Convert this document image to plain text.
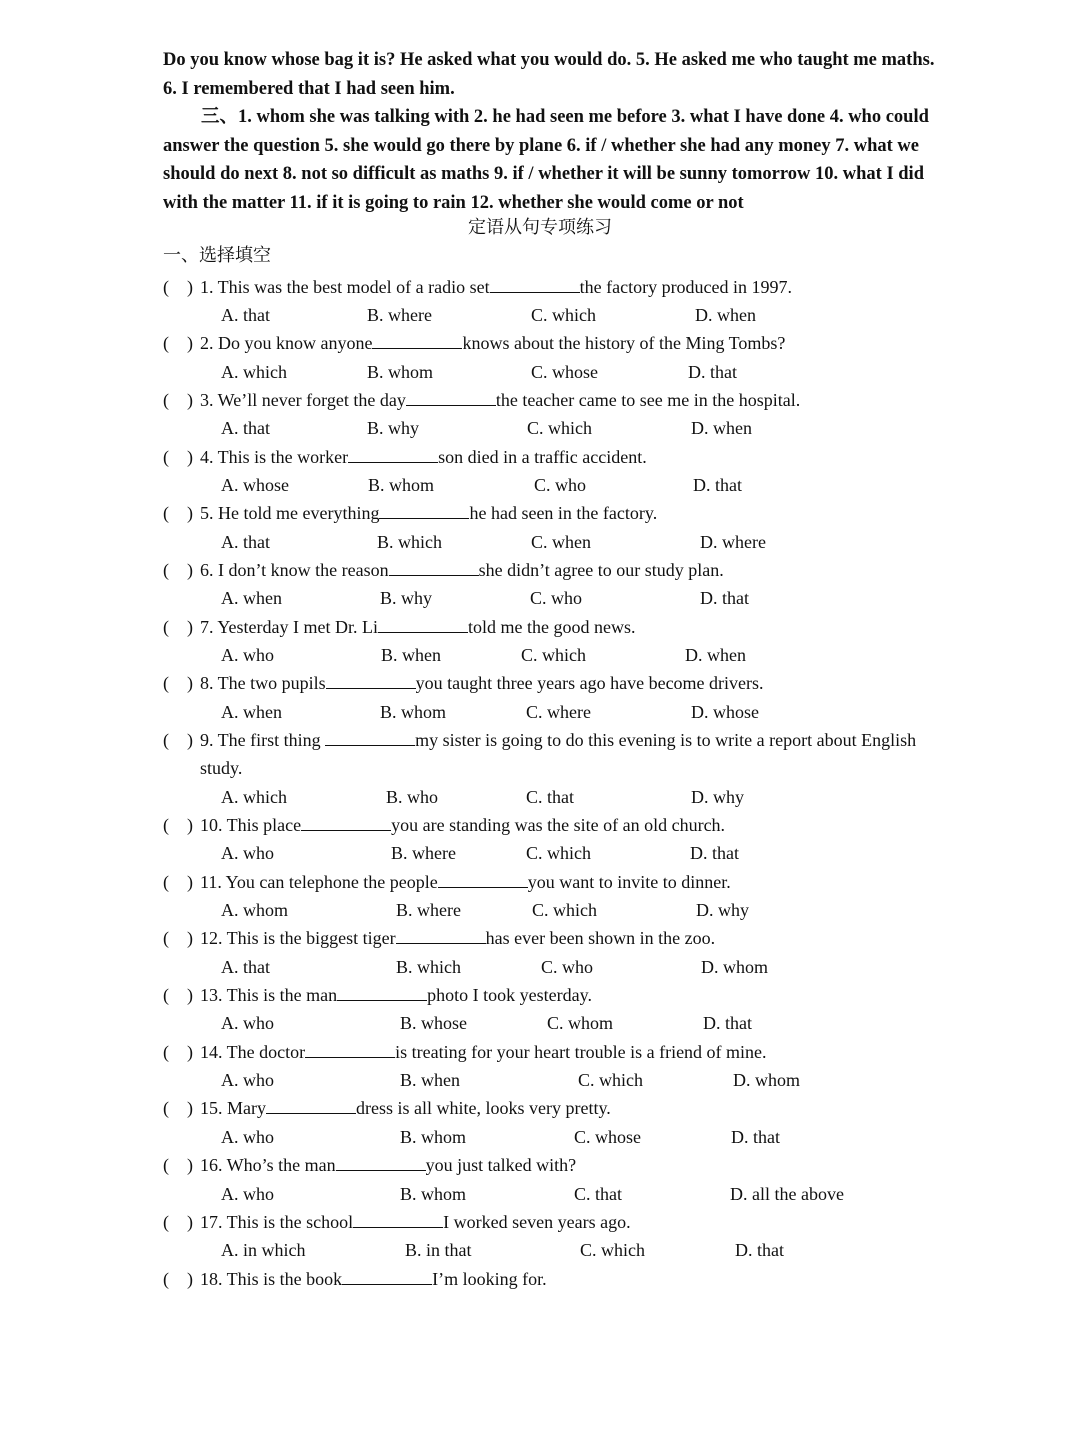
Do you know whose bag it is? He asked what you would do. 5. He asked me who taught me maths. 6. I remembered that I had seen him.

三、1. whom she was talking with 2. he had seen me before 3. what I have done 4. who could answer the question 5. she would go there by plane 6. if / whether she had any money 7. what we should do next 8. not so difficult as maths 9. if / whether it will be sunny tomorrow 10. what I did with the matter 11. if it is going to rain 12. whether she would come or not

定语从句专项练习
一、选择填空
(    ) 1. This was the best model of a radio set	the factory produced in 1997.
A. that	B. where	C. which	D. when
(    ) 2. Do you know anyone	knows about the history of the Ming Tombs?
A. which	B. whom	C. whose	D. that
(    ) 3. We’ll never forget the day	the teacher came to see me in the hospital.
A. that	B. why	C. which	D. when
(    ) 4. This is the worker	son died in a traffic accident.
A. whose	B. whom	C. who	D. that
(    ) 5. He told me everything	he had seen in the factory.
A. that	B. which	C. when	D. where
(    ) 6. I don’t know the reason	she didn’t agree to our study plan.
A. when	B. why	C. who	D. that
(    ) 7. Yesterday I met Dr. Li	told me the good news.
A. who	B. when	C. which	D. when
(    ) 8. The two pupils	you taught three years ago have become drivers.
A. when	B. whom	C. where	D. whose
(    ) 9. The first thing	my sister is going to do this evening is to write a report about English study.
A. which	B. who	C. that	D. why
(    ) 10. This place	you are standing was the site of an old church.
A. who	B. where	C. which	D. that
(    ) 11. You can telephone the people	you want to invite to dinner.
A. whom	B. where	C. which	D. why
(    ) 12. This is the biggest tiger	has ever been shown in the zoo.
A. that	B. which	C. who	D. whom
(    ) 13. This is the man	photo I took yesterday.
A. who	B. whose	C. whom	D. that
(    ) 14. The doctor	is treating for your heart trouble is a friend of mine.
A. who	B. when	C. which	D. whom
(    ) 15. Mary	dress is all white, looks very pretty.
A. who	B. whom	C. whose	D. that
(    ) 16. Who’s the man	you just talked with?
A. who	B. whom	C. that	D. all the above
(    ) 17. This is the school	I worked seven years ago.
A. in which	B. in that	C. which	D. that
(    ) 18. This is the book	I’m looking for.
